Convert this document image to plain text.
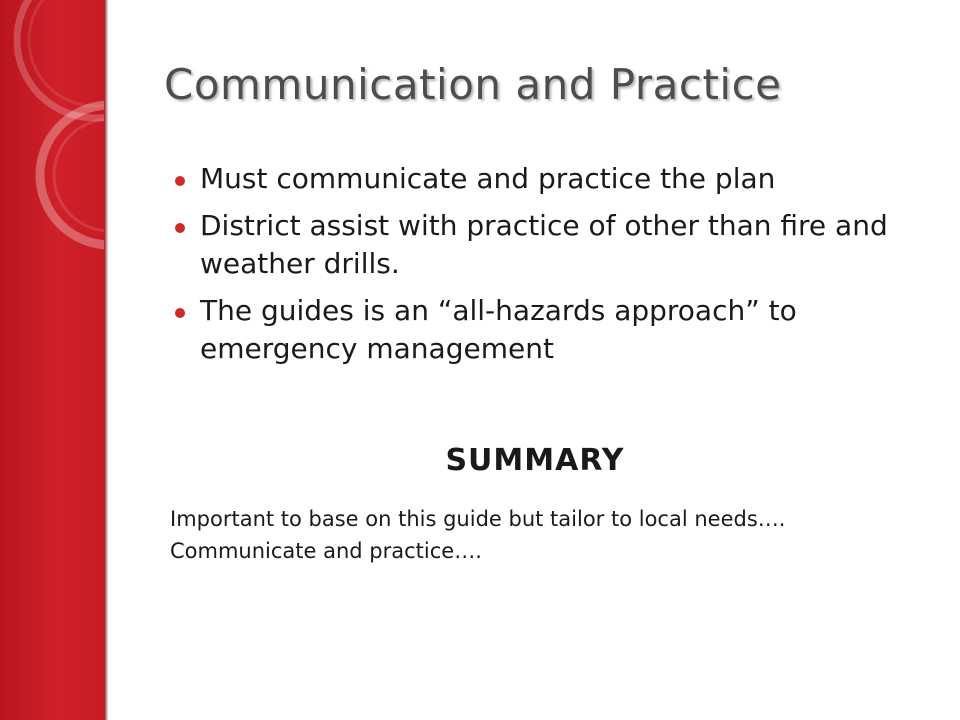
Communication and Practice
Must communicate and practice the plan
District assist with practice of other than fire and weather drills.
The guides is an “all-hazards approach” to emergency management
SUMMARY

Important to base on this guide but tailor to local needs…. Communicate and practice….
